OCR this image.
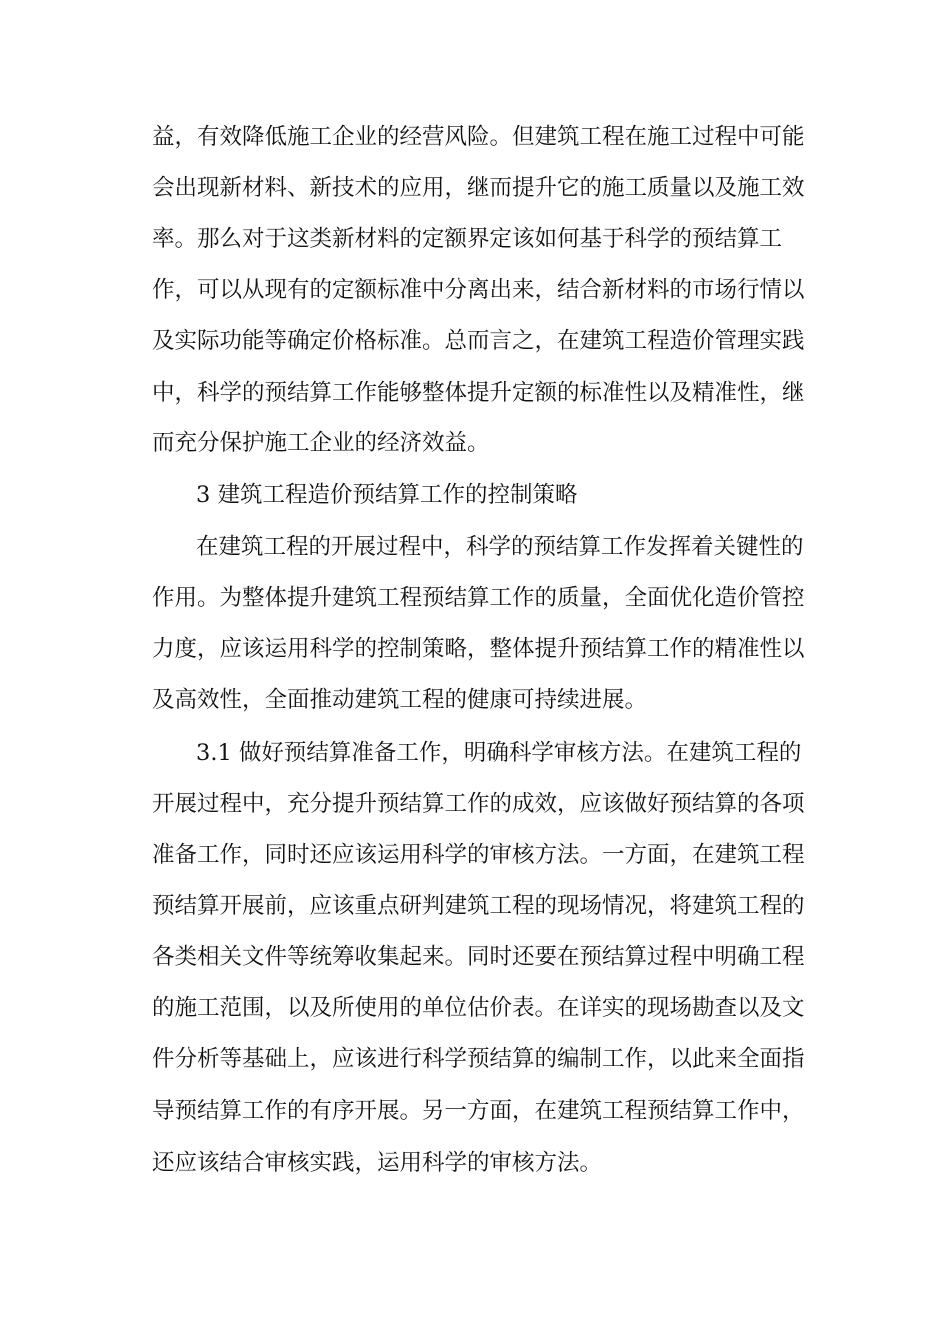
益，有效降低施工企业的经营风险。但建筑工程在施工过程中可能
会出现新材料、新技术的应用，继而提升它的施工质量以及施工效
率。那么对于这类新材料的定额界定该如何基于科学的预结算工
作，可以从现有的定额标准中分离出来，结合新材料的市场行情以
及实际功能等确定价格标准。总而言之，在建筑工程造价管理实践
中，科学的预结算工作能够整体提升定额的标准性以及精准性，继
而充分保护施工企业的经济效益。
3 建筑工程造价预结算工作的控制策略
在建筑工程的开展过程中，科学的预结算工作发挥着关键性的
作用。为整体提升建筑工程预结算工作的质量，全面优化造价管控
力度，应该运用科学的控制策略，整体提升预结算工作的精准性以
及高效性，全面推动建筑工程的健康可持续进展。
3.1 做好预结算准备工作，明确科学审核方法。在建筑工程的
开展过程中，充分提升预结算工作的成效，应该做好预结算的各项
准备工作，同时还应该运用科学的审核方法。一方面，在建筑工程
预结算开展前，应该重点研判建筑工程的现场情况，将建筑工程的
各类相关文件等统筹收集起来。同时还要在预结算过程中明确工程
的施工范围，以及所使用的单位估价表。在详实的现场勘查以及文
件分析等基础上，应该进行科学预结算的编制工作，以此来全面指
导预结算工作的有序开展。另一方面，在建筑工程预结算工作中，
还应该结合审核实践，运用科学的审核方法。
